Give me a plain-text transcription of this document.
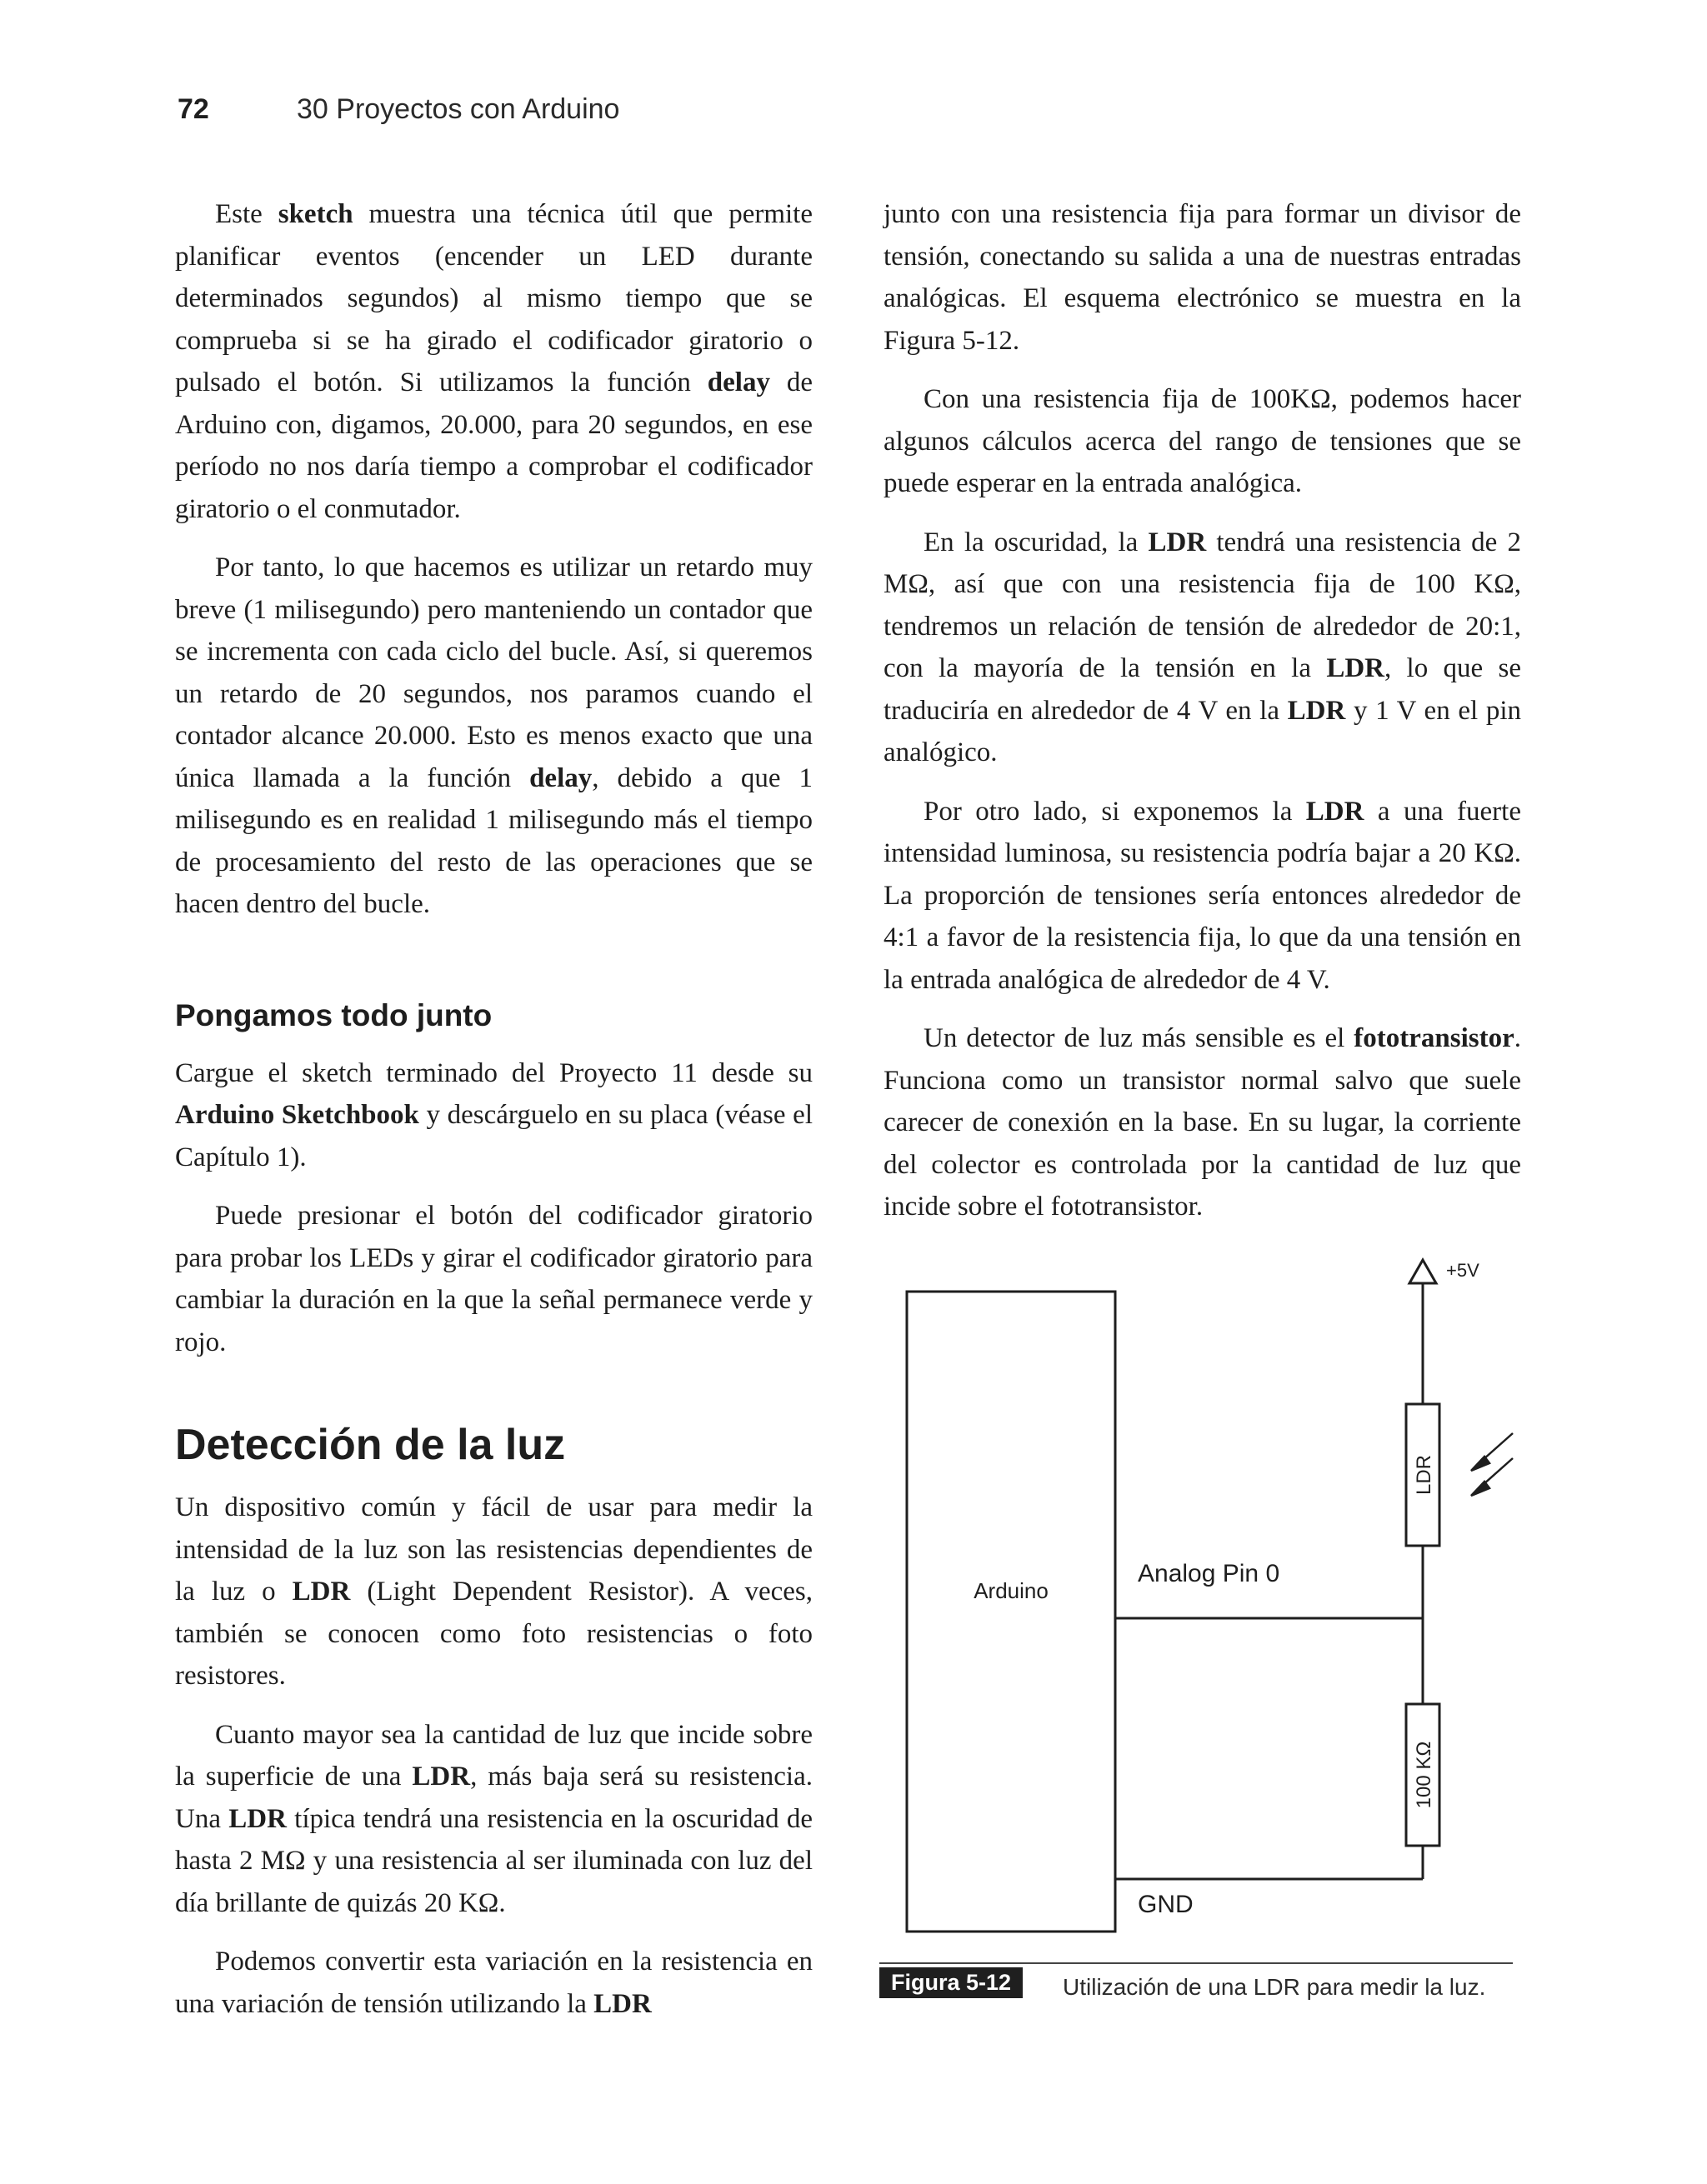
72	30 Proyectos con Arduino

Este sketch muestra una técnica útil que permite planificar eventos (encender un LED durante determinados segundos) al mismo tiempo que se comprueba si se ha girado el codificador giratorio o pulsado el botón. Si utilizamos la función delay de Arduino con, digamos, 20.000, para 20 segundos, en ese período no nos daría tiempo a comprobar el codificador giratorio o el conmutador.

Por tanto, lo que hacemos es utilizar un retardo muy breve (1 milisegundo) pero manteniendo un contador que se incrementa con cada ciclo del bucle. Así, si queremos un retardo de 20 segundos, nos paramos cuando el contador alcance 20.000. Esto es menos exacto que una única llamada a la función delay, debido a que 1 milisegundo es en realidad 1 milisegundo más el tiempo de procesamiento del resto de las operaciones que se hacen dentro del bucle.

Pongamos todo junto

Cargue el sketch terminado del Proyecto 11 desde su Arduino Sketchbook y descárguelo en su placa (véase el Capítulo 1).

Puede presionar el botón del codificador giratorio para probar los LEDs y girar el codificador giratorio para cambiar la duración en la que la señal permanece verde y rojo.

Detección de la luz

Un dispositivo común y fácil de usar para medir la intensidad de la luz son las resistencias dependientes de la luz o LDR (Light Dependent Resistor). A veces, también se conocen como foto resistencias o foto resistores.

Cuanto mayor sea la cantidad de luz que incide sobre la superficie de una LDR, más baja será su resistencia. Una LDR típica tendrá una resistencia en la oscuridad de hasta 2 MΩ y una resistencia al ser iluminada con luz del día brillante de quizás 20 KΩ.

Podemos convertir esta variación en la resistencia en una variación de tensión utilizando la LDR

junto con una resistencia fija para formar un divisor de tensión, conectando su salida a una de nuestras entradas analógicas. El esquema electrónico se muestra en la Figura 5-12.

Con una resistencia fija de 100KΩ, podemos hacer algunos cálculos acerca del rango de tensiones que se puede esperar en la entrada analógica.

En la oscuridad, la LDR tendrá una resistencia de 2 MΩ, así que con una resistencia fija de 100 KΩ, tendremos un relación de tensión de alrededor de 20:1, con la mayoría de la tensión en la LDR, lo que se traduciría en alrededor de 4 V en la LDR y 1 V en el pin analógico.

Por otro lado, si exponemos la LDR a una fuerte intensidad luminosa, su resistencia podría bajar a 20 KΩ. La proporción de tensiones sería entonces alrededor de 4:1 a favor de la resistencia fija, lo que da una tensión en la entrada analógica de alrededor de 4 V.

Un detector de luz más sensible es el fototransistor. Funciona como un transistor normal salvo que suele carecer de conexión en la base. En su lugar, la corriente del colector es controlada por la cantidad de luz que incide sobre el fototransistor.

+5V
Arduino
Analog Pin 0
GND
LDR
100 KΩ
Figura 5-12	Utilización de una LDR para medir la luz.
